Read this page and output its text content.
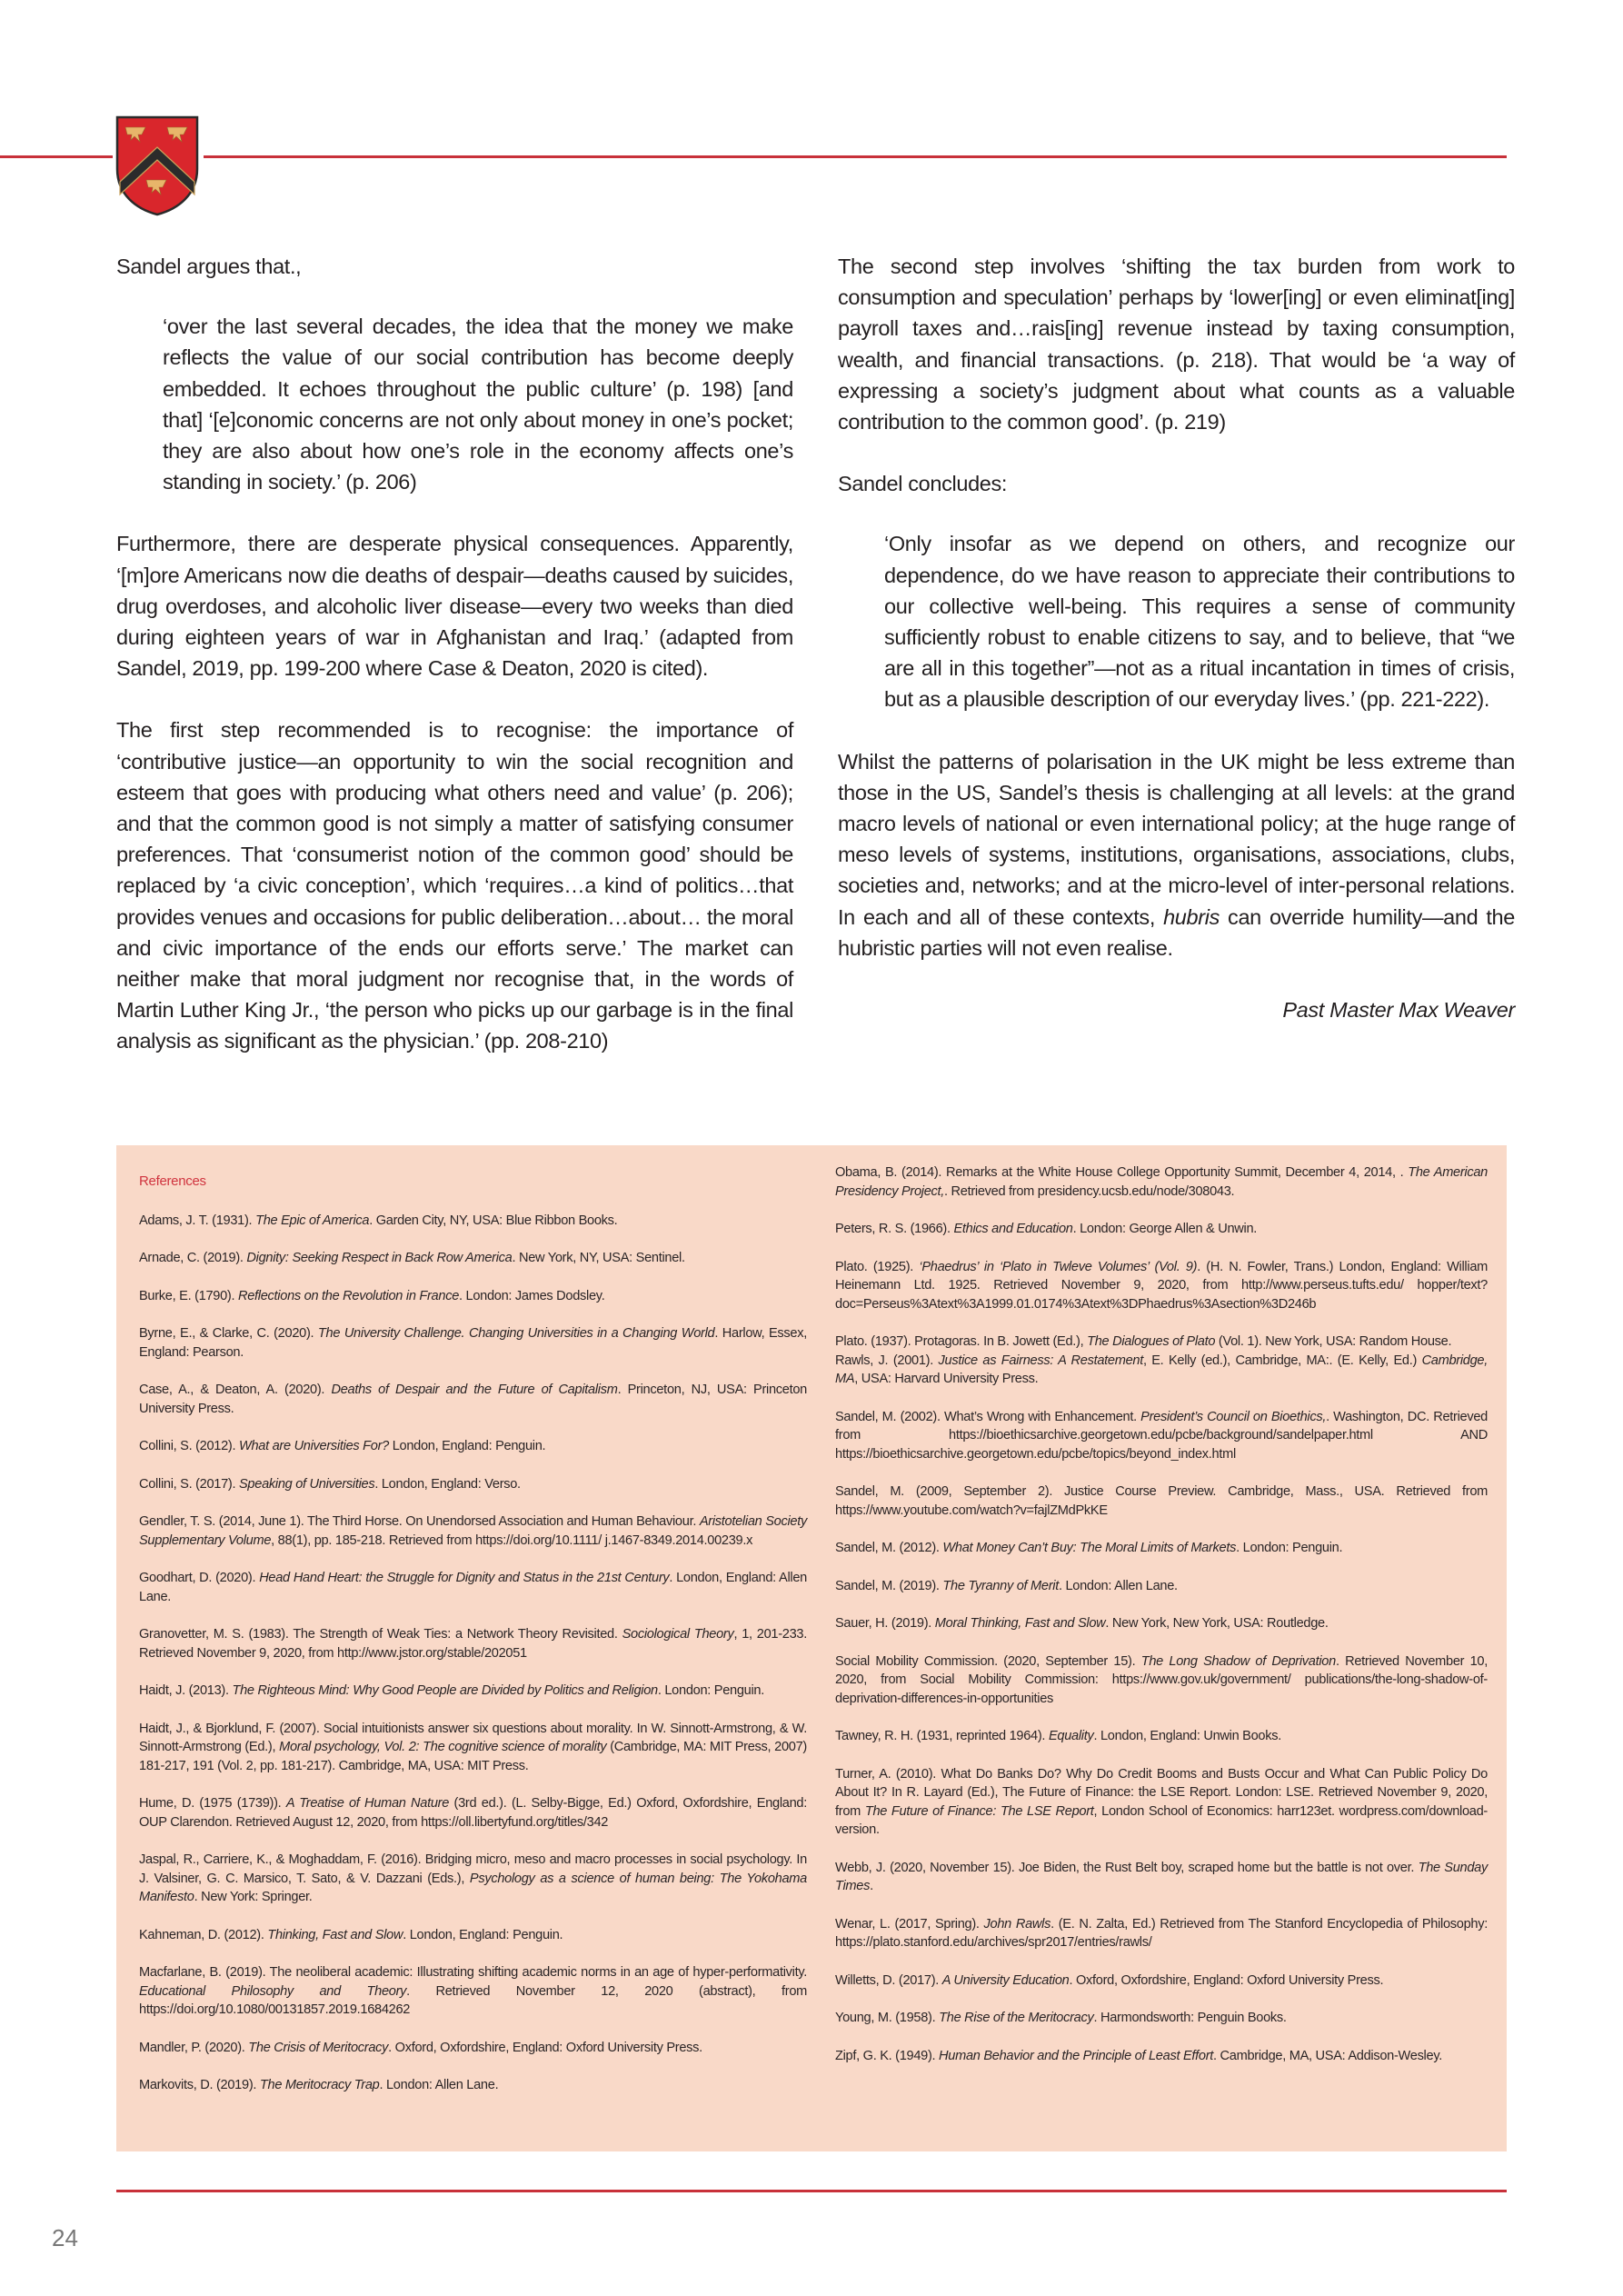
Sandel argues that.,

‘over the last several decades, the idea that the money we make reflects the value of our social contribution has become deeply embedded. It echoes throughout the public culture’ (p. 198) [and that] ‘[e]conomic concerns are not only about money in one’s pocket; they are also about how one’s role in the economy affects one’s standing in society.’ (p. 206)

Furthermore, there are desperate physical consequences. Apparently, ‘[m]ore Americans now die deaths of despair—deaths caused by suicides, drug overdoses, and alcoholic liver disease—every two weeks than died during eighteen years of war in Afghanistan and Iraq.’ (adapted from Sandel, 2019, pp. 199-200 where Case & Deaton, 2020 is cited).

The first step recommended is to recognise: the importance of ‘contributive justice—an opportunity to win the social recognition and esteem that goes with producing what others need and value’ (p. 206); and that the common good is not simply a matter of satisfying consumer preferences. That ‘consumerist notion of the common good’ should be replaced by ‘a civic conception’, which ‘requires…a kind of politics…that provides venues and occasions for public deliberation…about… the moral and civic importance of the ends our efforts serve.’ The market can neither make that moral judgment nor recognise that, in the words of Martin Luther King Jr., ‘the person who picks up our garbage is in the final analysis as significant as the physician.’ (pp. 208-210)

The second step involves ‘shifting the tax burden from work to consumption and speculation’ perhaps by ‘lower[ing] or even eliminat[ing] payroll taxes and…rais[ing] revenue instead by taxing consumption, wealth, and financial transactions. (p. 218). That would be ‘a way of expressing a society’s judgment about what counts as a valuable contribution to the common good’. (p. 219)

Sandel concludes:

‘Only insofar as we depend on others, and recognize our dependence, do we have reason to appreciate their contributions to our collective well-being. This requires a sense of community sufficiently robust to enable citizens to say, and to believe, that “we are all in this together”—not as a ritual incantation in times of crisis, but as a plausible description of our everyday lives.’ (pp. 221-222).

Whilst the patterns of polarisation in the UK might be less extreme than those in the US, Sandel’s thesis is challenging at all levels: at the grand macro levels of national or even international policy; at the huge range of meso levels of systems, institutions, organisations, associations, clubs, societies and, networks; and at the micro-level of inter-personal relations. In each and all of these contexts, hubris can override humility—and the hubristic parties will not even realise.

Past Master Max Weaver

References

Adams, J. T. (1931). The Epic of America. Garden City, NY, USA: Blue Ribbon Books.

Arnade, C. (2019). Dignity: Seeking Respect in Back Row America. New York, NY, USA: Sentinel.

Burke, E. (1790). Reflections on the Revolution in France. London: James Dodsley.

Byrne, E., & Clarke, C. (2020). The University Challenge. Changing Universities in a Changing World. Harlow, Essex, England: Pearson.

Case, A., & Deaton, A. (2020). Deaths of Despair and the Future of Capitalism. Princeton, NJ, USA: Princeton University Press.

Collini, S. (2012). What are Universities For? London, England: Penguin.

Collini, S. (2017). Speaking of Universities. London, England: Verso.

Gendler, T. S. (2014, June 1). The Third Horse. On Unendorsed Association and Human Behaviour. Aristotelian Society Supplementary Volume, 88(1), pp. 185-218. Retrieved from https://doi.org/10.1111/ j.1467-8349.2014.00239.x

Goodhart, D. (2020). Head Hand Heart: the Struggle for Dignity and Status in the 21st Century. London, England: Allen Lane.

Granovetter, M. S. (1983). The Strength of Weak Ties: a Network Theory Revisited. Sociological Theory, 1, 201-233. Retrieved November 9, 2020, from http://www.jstor.org/stable/202051

Haidt, J. (2013). The Righteous Mind: Why Good People are Divided by Politics and Religion. London: Penguin.

Haidt, J., & Bjorklund, F. (2007). Social intuitionists answer six questions about morality. In W. Sinnott-Armstrong, & W. Sinnott-Armstrong (Ed.), Moral psychology, Vol. 2: The cognitive science of morality (Cambridge, MA: MIT Press, 2007) 181-217, 191 (Vol. 2, pp. 181-217). Cambridge, MA, USA: MIT Press.

Hume, D. (1975 (1739)). A Treatise of Human Nature (3rd ed.). (L. Selby-Bigge, Ed.) Oxford, Oxfordshire, England: OUP Clarendon. Retrieved August 12, 2020, from https://oll.libertyfund.org/titles/342

Jaspal, R., Carriere, K., & Moghaddam, F. (2016). Bridging micro, meso and macro processes in social psychology. In J. Valsiner, G. C. Marsico, T. Sato, & V. Dazzani (Eds.), Psychology as a science of human being: The Yokohama Manifesto. New York: Springer.

Kahneman, D. (2012). Thinking, Fast and Slow. London, England: Penguin.

Macfarlane, B. (2019). The neoliberal academic: Illustrating shifting academic norms in an age of hyper-performativity. Educational Philosophy and Theory. Retrieved November 12, 2020 (abstract), from https://doi.org/10.1080/00131857.2019.1684262

Mandler, P. (2020). The Crisis of Meritocracy. Oxford, Oxfordshire, England: Oxford University Press.

Markovits, D. (2019). The Meritocracy Trap. London: Allen Lane.

Obama, B. (2014). Remarks at the White House College Opportunity Summit, December 4, 2014, . The American Presidency Project,. Retrieved from presidency.ucsb.edu/node/308043.

Peters, R. S. (1966). Ethics and Education. London: George Allen & Unwin.

Plato. (1925). ‘Phaedrus’ in ‘Plato in Twleve Volumes’ (Vol. 9). (H. N. Fowler, Trans.) London, England: William Heinemann Ltd. 1925. Retrieved November 9, 2020, from http://www.perseus.tufts.edu/ hopper/text?doc=Perseus%3Atext%3A1999.01.0174%3Atext%3DPhaedrus%3Asection%3D246b

Plato. (1937). Protagoras. In B. Jowett (Ed.), The Dialogues of Plato (Vol. 1). New York, USA: Random House.

Rawls, J. (2001). Justice as Fairness: A Restatement, E. Kelly (ed.), Cambridge, MA:. (E. Kelly, Ed.) Cambridge, MA, USA: Harvard University Press.

Sandel, M. (2002). What’s Wrong with Enhancement. President’s Council on Bioethics,. Washington, DC. Retrieved from https://bioethicsarchive.georgetown.edu/pcbe/background/sandelpaper.html AND https://bioethicsarchive.georgetown.edu/pcbe/topics/beyond_index.html

Sandel, M. (2009, September 2). Justice Course Preview. Cambridge, Mass., USA. Retrieved from https://www.youtube.com/watch?v=fajlZMdPkKE

Sandel, M. (2012). What Money Can’t Buy: The Moral Limits of Markets. London: Penguin.

Sandel, M. (2019). The Tyranny of Merit. London: Allen Lane.

Sauer, H. (2019). Moral Thinking, Fast and Slow. New York, New York, USA: Routledge.

Social Mobility Commission. (2020, September 15). The Long Shadow of Deprivation. Retrieved November 10, 2020, from Social Mobility Commission: https://www.gov.uk/government/ publications/the-long-shadow-of-deprivation-differences-in-opportunities

Tawney, R. H. (1931, reprinted 1964). Equality. London, England: Unwin Books.

Turner, A. (2010). What Do Banks Do? Why Do Credit Booms and Busts Occur and What Can Public Policy Do About It? In R. Layard (Ed.), The Future of Finance: the LSE Report. London: LSE. Retrieved November 9, 2020, from The Future of Finance: The LSE Report, London School of Economics: harr123et. wordpress.com/download-version.

Webb, J. (2020, November 15). Joe Biden, the Rust Belt boy, scraped home but the battle is not over. The Sunday Times.

Wenar, L. (2017, Spring). John Rawls. (E. N. Zalta, Ed.) Retrieved from The Stanford Encyclopedia of Philosophy: https://plato.stanford.edu/archives/spr2017/entries/rawls/

Willetts, D. (2017). A University Education. Oxford, Oxfordshire, England: Oxford University Press.

Young, M. (1958). The Rise of the Meritocracy. Harmondsworth: Penguin Books.

Zipf, G. K. (1949). Human Behavior and the Principle of Least Effort. Cambridge, MA, USA: Addison-Wesley.

24
